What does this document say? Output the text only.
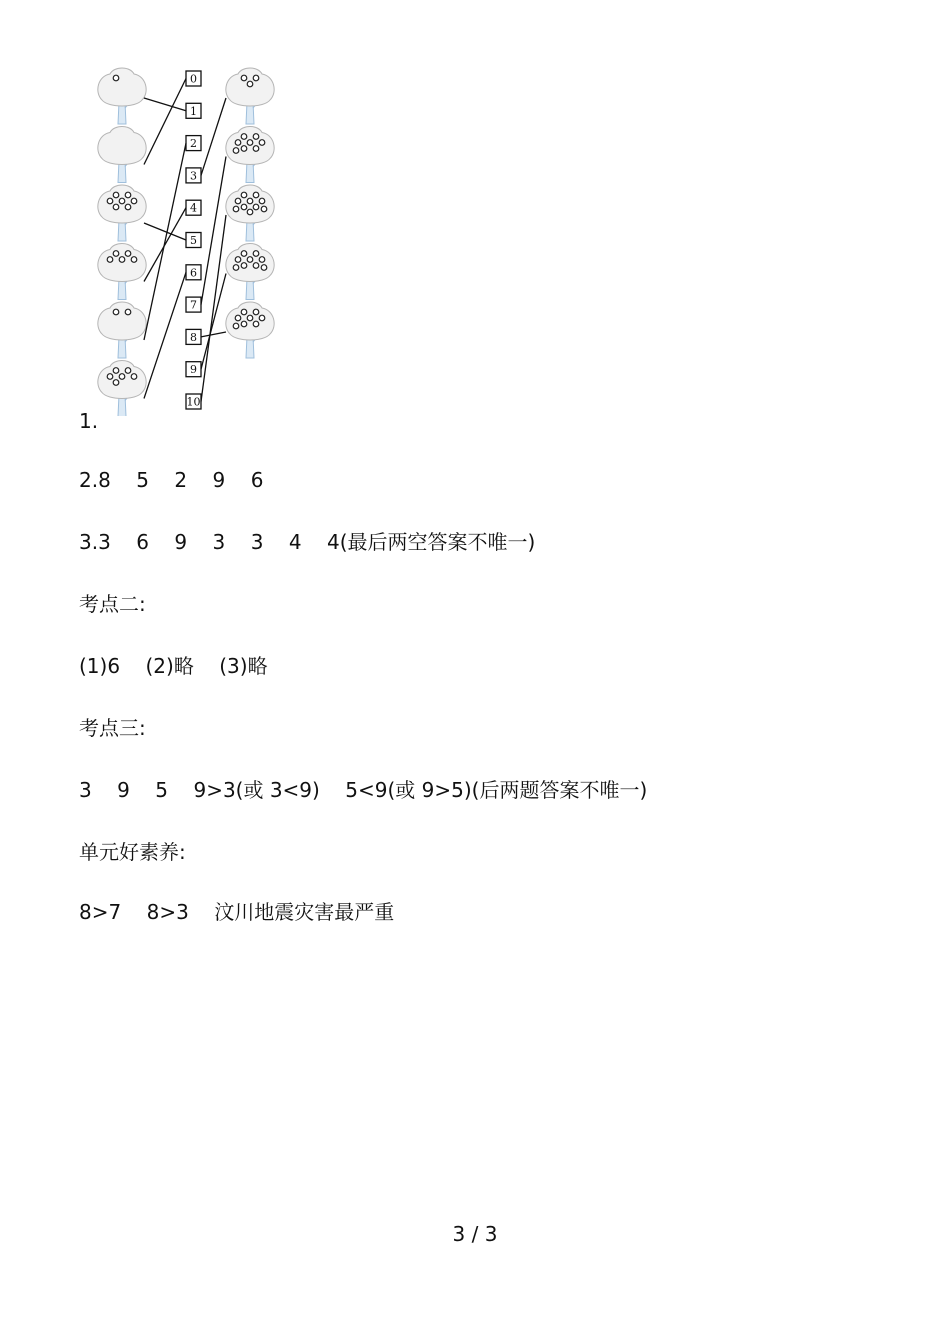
0
1
2
3
4
5
6
7
8
9
10
1.
2.8    5    2    9    6
3.3    6    9    3    3    4    4(最后两空答案不唯一)
考点二:
(1)6    (2)略    (3)略
考点三:
3    9    5    9>3(或 3<9)    5<9(或 9>5)(后两题答案不唯一)
单元好素养:
8>7    8>3    汶川地震灾害最严重
3 / 3
